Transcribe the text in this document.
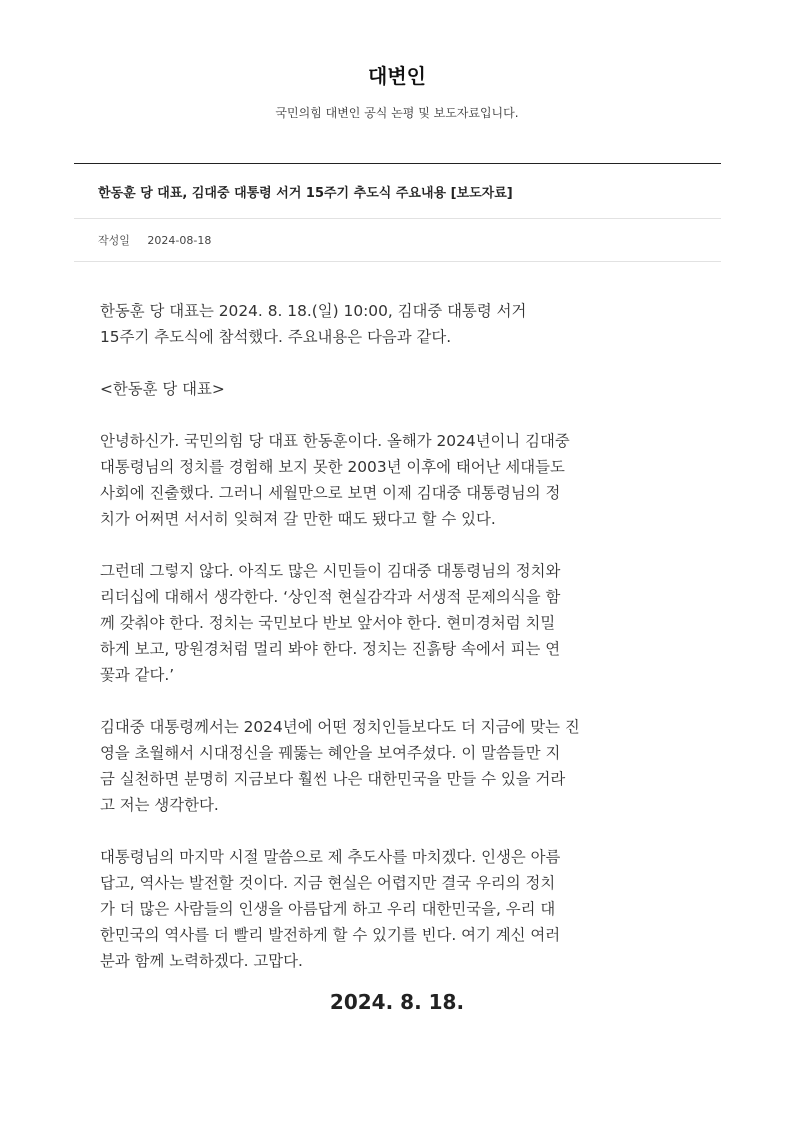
대변인
국민의힘 대변인 공식 논평 및 보도자료입니다.
한동훈 당 대표, 김대중 대통령 서거 15주기 추도식 주요내용 [보도자료]
작성일 2024-08-18
한동훈 당 대표는 2024. 8. 18.(일) 10:00, 김대중 대통령 서거
15주기 추도식에 참석했다. 주요내용은 다음과 같다.
<한동훈 당 대표>
안녕하신가. 국민의힘 당 대표 한동훈이다. 올해가 2024년이니 김대중
대통령님의 정치를 경험해 보지 못한 2003년 이후에 태어난 세대들도
사회에 진출했다. 그러니 세월만으로 보면 이제 김대중 대통령님의 정
치가 어쩌면 서서히 잊혀져 갈 만한 때도 됐다고 할 수 있다.
그런데 그렇지 않다. 아직도 많은 시민들이 김대중 대통령님의 정치와
리더십에 대해서 생각한다. ‘상인적 현실감각과 서생적 문제의식을 함
께 갖춰야 한다. 정치는 국민보다 반보 앞서야 한다. 현미경처럼 치밀
하게 보고, 망원경처럼 멀리 봐야 한다. 정치는 진흙탕 속에서 피는 연
꽃과 같다.’
김대중 대통령께서는 2024년에 어떤 정치인들보다도 더 지금에 맞는 진
영을 초월해서 시대정신을 꿰뚫는 혜안을 보여주셨다. 이 말씀들만 지
금 실천하면 분명히 지금보다 훨씬 나은 대한민국을 만들 수 있을 거라
고 저는 생각한다.
대통령님의 마지막 시절 말씀으로 제 추도사를 마치겠다. 인생은 아름
답고, 역사는 발전할 것이다. 지금 현실은 어렵지만 결국 우리의 정치
가 더 많은 사람들의 인생을 아름답게 하고 우리 대한민국을, 우리 대
한민국의 역사를 더 빨리 발전하게 할 수 있기를 빈다. 여기 계신 여러
분과 함께 노력하겠다. 고맙다.
2024. 8. 18.
